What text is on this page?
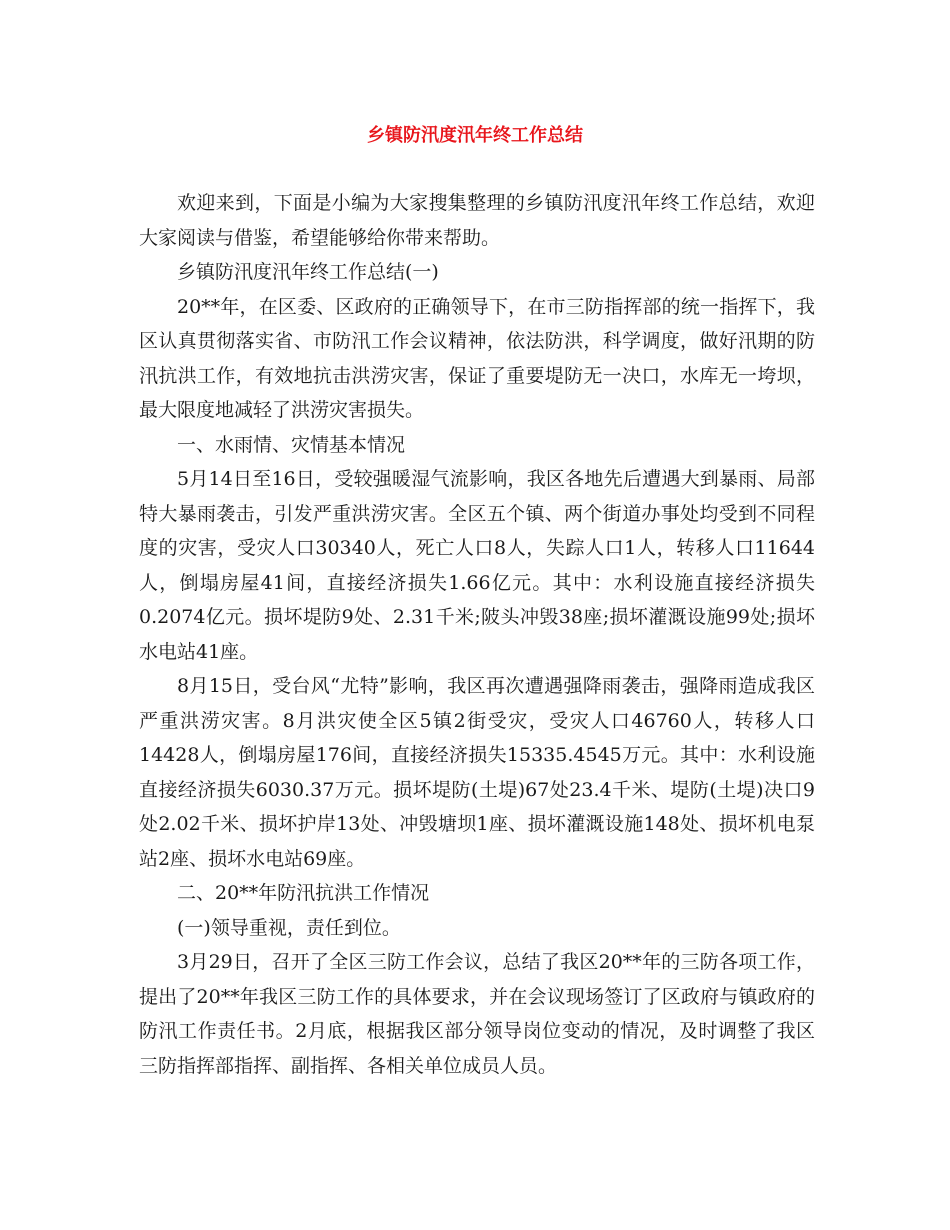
乡镇防汛度汛年终工作总结

欢迎来到，下面是小编为大家搜集整理的乡镇防汛度汛年终工作总结，欢迎大家阅读与借鉴，希望能够给你带来帮助。

乡镇防汛度汛年终工作总结(一)

20**年，在区委、区政府的正确领导下，在市三防指挥部的统一指挥下，我区认真贯彻落实省、市防汛工作会议精神，依法防洪，科学调度，做好汛期的防汛抗洪工作，有效地抗击洪涝灾害，保证了重要堤防无一决口，水库无一垮坝，最大限度地减轻了洪涝灾害损失。

一、水雨情、灾情基本情况

5月14日至16日，受较强暖湿气流影响，我区各地先后遭遇大到暴雨、局部特大暴雨袭击，引发严重洪涝灾害。全区五个镇、两个街道办事处均受到不同程度的灾害，受灾人口30340人，死亡人口8人，失踪人口1人，转移人口11644人，倒塌房屋41间，直接经济损失1.66亿元。其中：水利设施直接经济损失0.2074亿元。损坏堤防9处、2.31千米;陂头冲毁38座;损坏灌溉设施99处;损坏水电站41座。

8月15日，受台风“尤特”影响，我区再次遭遇强降雨袭击，强降雨造成我区严重洪涝灾害。8月洪灾使全区5镇2街受灾，受灾人口46760人，转移人口14428人，倒塌房屋176间，直接经济损失15335.4545万元。其中：水利设施直接经济损失6030.37万元。损坏堤防(土堤)67处23.4千米、堤防(土堤)决口9处2.02千米、损坏护岸13处、冲毁塘坝1座、损坏灌溉设施148处、损坏机电泵站2座、损坏水电站69座。

二、20**年防汛抗洪工作情况

(一)领导重视，责任到位。

3月29日，召开了全区三防工作会议，总结了我区20**年的三防各项工作，提出了20**年我区三防工作的具体要求，并在会议现场签订了区政府与镇政府的防汛工作责任书。2月底，根据我区部分领导岗位变动的情况，及时调整了我区三防指挥部指挥、副指挥、各相关单位成员人员。
